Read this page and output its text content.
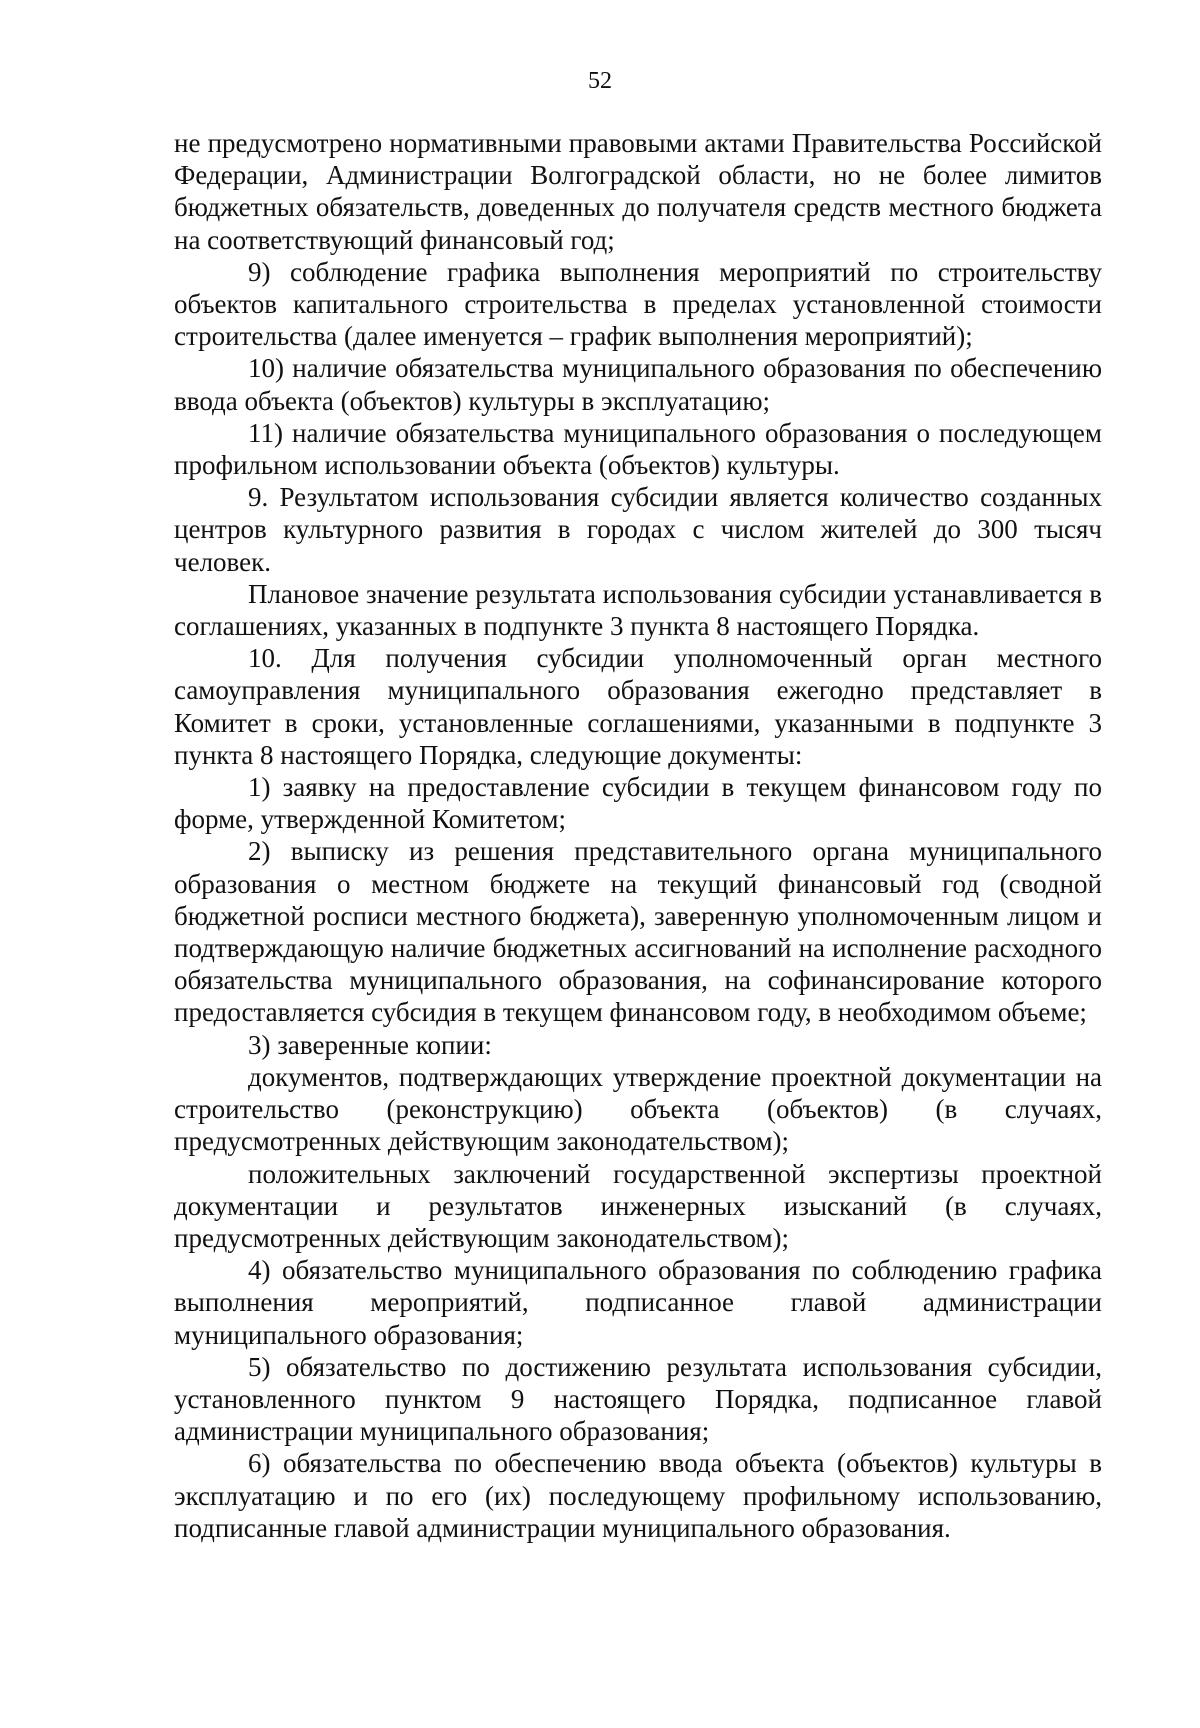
52

не предусмотрено нормативными правовыми актами Правительства Российской Федерации, Администрации Волгоградской области, но не более лимитов бюджетных обязательств, доведенных до получателя средств местного бюджета на соответствующий финансовый год;

9) соблюдение графика выполнения мероприятий по строительству объектов капитального строительства в пределах установленной стоимости строительства (далее именуется – график выполнения мероприятий);

10) наличие обязательства муниципального образования по обеспечению ввода объекта (объектов) культуры в эксплуатацию;

11) наличие обязательства муниципального образования о последующем профильном использовании объекта (объектов) культуры.

9. Результатом использования субсидии является количество созданных центров культурного развития в городах с числом жителей до 300 тысяч человек.

Плановое значение результата использования субсидии устанавливается в соглашениях, указанных в подпункте 3 пункта 8 настоящего Порядка.

10. Для получения субсидии уполномоченный орган местного самоуправления муниципального образования ежегодно представляет в Комитет в сроки, установленные соглашениями, указанными в подпункте 3 пункта 8 настоящего Порядка, следующие документы:

1) заявку на предоставление субсидии в текущем финансовом году по форме, утвержденной Комитетом;

2) выписку из решения представительного органа муниципального образования о местном бюджете на текущий финансовый год (сводной бюджетной росписи местного бюджета), заверенную уполномоченным лицом и подтверждающую наличие бюджетных ассигнований на исполнение расходного обязательства муниципального образования, на софинансирование которого предоставляется субсидия в текущем финансовом году, в необходимом объеме;

3) заверенные копии:

документов, подтверждающих утверждение проектной документации на строительство (реконструкцию) объекта (объектов) (в случаях, предусмотренных действующим законодательством);

положительных заключений государственной экспертизы проектной документации и результатов инженерных изысканий (в случаях, предусмотренных действующим законодательством);

4) обязательство муниципального образования по соблюдению графика выполнения мероприятий, подписанное главой администрации муниципального образования;

5) обязательство по достижению результата использования субсидии, установленного пунктом 9 настоящего Порядка, подписанное главой администрации муниципального образования;

6) обязательства по обеспечению ввода объекта (объектов) культуры в эксплуатацию и по его (их) последующему профильному использованию, подписанные главой администрации муниципального образования.
